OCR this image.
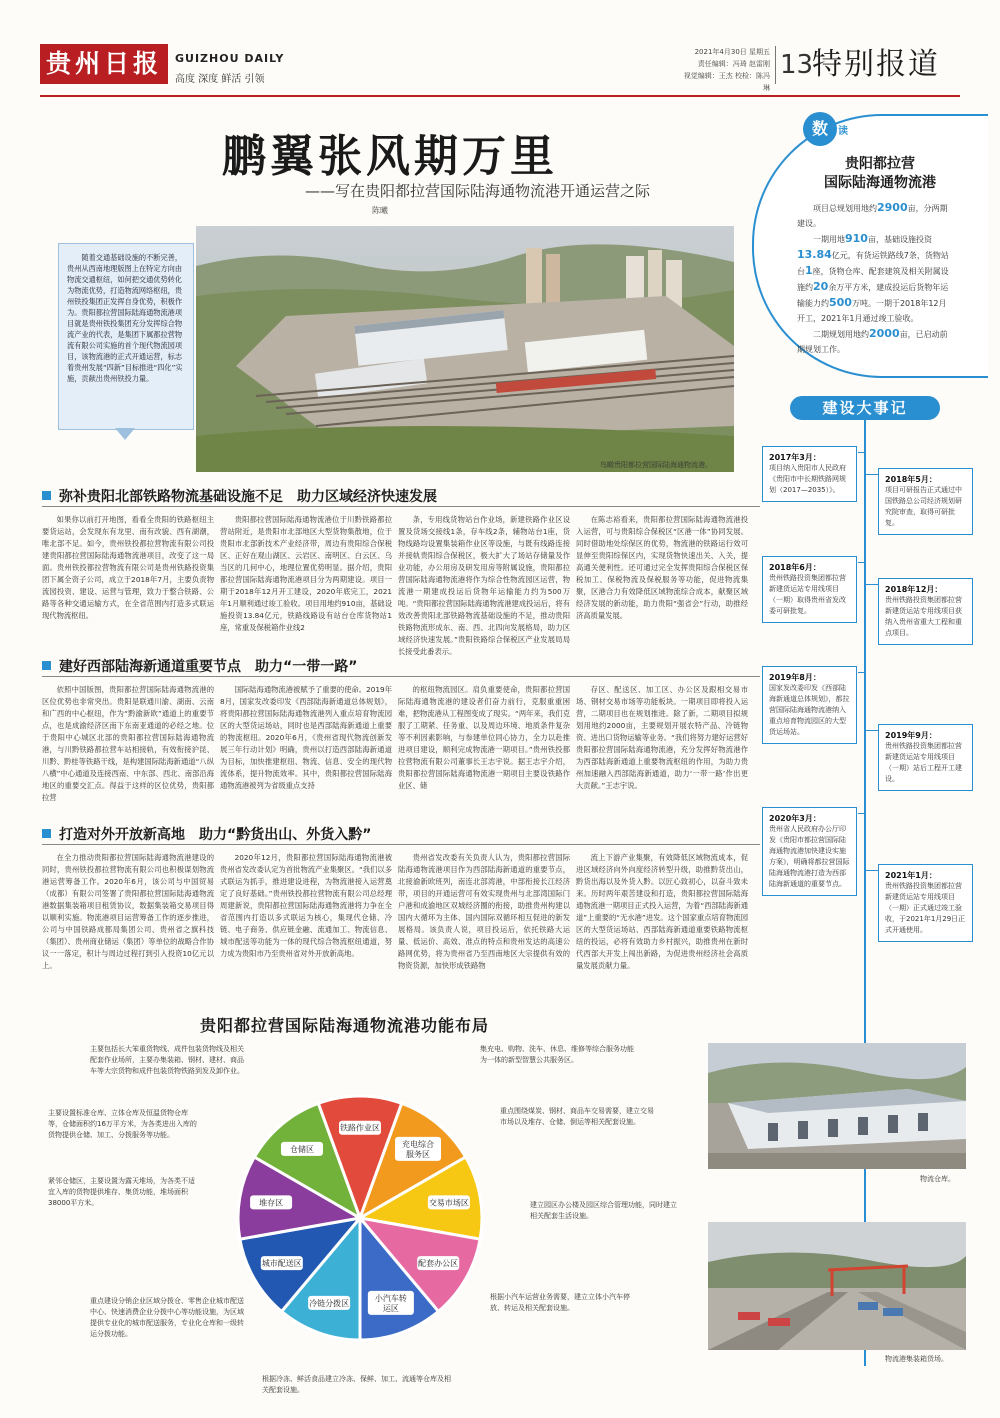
贵州日报	GUIZHOU DAILY
高度 深度 鲜活 引领
2021年4月30日 星期五
责任编辑：冯琦 赵雷刚
视觉编辑：王杰 校检：陈冯琳
13
特别报道
鹏翼张风期万里
——写在贵阳都拉营国际陆海通物流港开通运营之际
陈曦
数	读
贵阳都拉营
国际陆海通物流港

项目总规划用地约2900亩，分两期建设。

一期用地910亩，基础设施投资13.84亿元，有货运铁路线7条，货物站台1座，货物仓库、配套建筑及相关附属设施约20余万平方米，建成投运后货物年运输能力约500万吨。一期于2018年12月开工，2021年1月通过竣工验收。

二期规划用地约2000亩，已启动前期规划工作。

随着交通基础设施的不断完善，贵州从西南地理版图上在特定方向由物流交通枢纽，如何把交通优势转化为物流优势，打造物流网络枢纽，贵州铁投集团正发挥自身优势，积极作为。贵阳都拉营国际陆海通物流港项目就是贵州铁投集团充分发挥综合物流产业的代表，是集团下属都拉营物流有限公司实施的首个现代物流园项目，该物流港的正式开通运营，标志着贵州发展“四新”目标推进“四化”实施，贡献出贵州铁投力量。
鸟瞰贵阳都拉营国际陆海通物流港。
建设大事记
2017年3月：
项目纳入贵阳市人民政府《贵阳市中长期铁路网规划（2017—2035）》。
2018年5月：
项目可研报告正式通过中国铁路总公司经济规划研究院审查，取得可研批复。
2018年6月：
贵州铁路投资集团都拉营新建货运站专用线项目（一期）取得贵州省发改委可研批复。
2018年12月：
贵州铁路投资集团都拉营新建货运站专用线项目获纳入贵州省重大工程和重点项目。
2019年8月：
国家发改委印发《西部陆海新通道总体规划》，都拉营国际陆海通物流港纳入重点培育物流园区的大型货运场站。	2019年9月：
贵州铁路投资集团都拉营新建货运站专用线项目（一期）站后工程开工建设。
2020年3月：
贵州省人民政府办公厅印发《贵阳市都拉营国际陆海通物流港加快建设实施方案》，明确将都拉营国际陆海通物流港打造为西部陆海新通道的重要节点。
2021年1月：
贵州铁路投资集团都拉营新建货运站专用线项目（一期）正式通过竣工验收，于2021年1月29日正式开通使用。
弥补贵阳北部铁路物流基础设施不足　助力区域经济快速发展
如果你以前打开地图，看看全贵阳的铁路枢纽主要货运站，会发现东有龙里、南有改貌、西有湖潮，唯北部不足。如今，贵州铁投都拉营物流有限公司投建贵阳都拉营国际陆海通物流港项目，改变了这一局面。贵州铁投都拉营物流有限公司是贵州铁路投资集团下属全资子公司，成立于2018年7月，主要负责物流园投资、建设、运营与管理，致力于整合铁路、公路等各种交通运输方式，在全省范围内打造多式联运现代物流枢纽。
贵阳都拉营国际陆海通物流港位于川黔铁路都拉营站附近，是贵阳市北部地区大型货物集散地，位于贵阳市北部新技术产业经济带，周边有贵阳综合保税区、正好在观山湖区、云岩区、南明区、白云区、乌当区的几何中心，地理位置优势明显。据介绍，贵阳都拉营国际陆海通物流港项目分为两期建设。项目一期于2018年12月开工建设，2020年底完工，2021年1月顺利通过竣工验收。项目用地约910亩，基础设施投资13.84亿元，铁路线路设有站台仓库货物站1座，常重及保税箱作业线2
条，专用线货物站台作业场，新建铁路作业区设置及货场交接线1条，存车线2条，辅物站台1座，货物线路均设置集装箱作业区等设施，与既有线路连接并接轨贵阳综合保税区，极大扩大了场站存储量及作业功能，办公用房及研发用房等附属设施，贵阳都拉营国际陆海通物流港将作为综合性物流园区运营，物流港一期建成投运后货物年运输能力约为500万吨。“贵阳都拉营国际陆海通物流港建成投运后，将有效改善贵阳北部铁路物流基础设施的不足，推动贵阳铁路物流形成东、南、西、北四向发展格局，助力区域经济快速发展。”贵阳铁路综合保税区产业发展局局长接受此番表示。
在陈志裕看来，贵阳都拉营国际陆海通物流港投入运营，可与贵阳综合保税区“区港一体”协同发展。同时借助地处综保区的优势，物流港的铁路运行效可显伸至贵阳综保区内，实现货物快速出关、入关，提高通关便利性。还可通过完全发挥贵阳综合保税区保税加工、保税物流及保税服务等功能，促进物流集聚，区港合力有效降低区域物流综合成本，献聚区域经济发展的新动能，助力贵阳“强省会”行动，助推经济高质量发展。
建好西部陆海新通道重要节点　助力“一带一路”
依照中国版图，贵阳都拉营国际陆海通物流港的区位优势也非常突出。贵阳是联通川渝、湖南、云南和广西的中心枢纽，作为“黔渝新欧”通道上的重要节点，也是成渝经济区南下东南亚通道的必经之地。位于贵阳中心城区北部的贵阳都拉营国际陆海通物流港，与川黔铁路都拉营车站相接轨，有效衔接沪昆、川黔、黔桂等铁路干线，是构建国际陆海新通道“八纵八横”中心通道及连接西南、中东部、西北、南部沿海地区的重要交汇点。得益于这样的区位优势，贵阳都拉营
国际陆海通物流港被赋予了重要的使命。2019年8月，国家发改委印发《西部陆海新通道总体规划》，将贵阳都拉营国际陆海通物流港列入重点培育物流园区的大型货运场站，同时也是西部陆海新通道上重要的物流枢纽。2020年6月，《贵州省现代物流创新发展三年行动计划》明确，贵州以打造西部陆海新通道为目标，加快推建枢纽、物流、信息、安全的现代物流体系，提升物流效率。其中，贵阳都拉营国际陆海通物流港被列为省级重点支持
的枢纽物流园区。肩负重要使命，贵阳都拉营国际陆海通物流港的建设者们奋力前行，克服重重困难，把物流港从工程图变成了现实。“两年来，我们克服了工期紧、任务重、以及周边环境、地质条件复杂等不利因素影响，与参建单位同心协力，全力以赴推进项目建设，顺利完成物流港一期项目。”贵州铁投都拉营物流有限公司董事长王志宇说。据王志宇介绍，贵阳都拉营国际陆海通物流港一期项目主要设铁路作业区、储
存区、配送区、加工区、办公区及跟相交易市场、钢材交易市场等功能板块。一期项目即将投入运营，二期项目也在规划推进。除了新，二期项目拟规划用地约2000亩，主要规划开展农特产品、冷链物资、进出口货物运输等业务。“我们将努力建好运营好贵阳都拉营国际陆海通物流港，充分发挥好物流港作为西部陆海新通道上重要物流枢纽的作用，为助力贵州加速融入西部陆海新通道，助力‘一带一路’作出更大贡献。”王志宇说。
打造对外开放新高地　助力“黔货出山、外货入黔”
在全力推动贵阳都拉营国际陆海通物流港建设的同时，贵州铁投都拉营物流有限公司也积极谋划物流港运营筹备工作。2020年6月，该公司与中国贸易（成都）有限公司签署了贵阳都拉营国际陆海通物流港数据集装箱项目租赁协议，数据集装箱交易项目得以顺利实施。物流港项目运营筹备工作的逐步推进，公司与中国铁路成都局集团公司、贵州省之旗科技（集团）、贵州商业储运（集团）等单位的战略合作协议一一落定，积计与周边过程打到引入投资10亿元以上。
2020年12月，贵阳都拉营国际陆海通物流港被贵州省发改委认定为首批物流产业集聚区。“我们以多式联运为抓手，推进建设进程，为物流港接入运营奠定了良好基础。”贵州铁投都拉营物流有限公司总经理周建新说，贵阳都拉营国际陆海通物流港将力争在全省范围内打造以多式联运为核心，集现代仓储、冷链、电子商务、供应链金融、流通加工、物流信息、城市配送等功能为一体的现代综合物流枢纽通道，努力成为贵阳市乃至贵州省对外开放新高地。
贵州省发改委有关负责人认为，贵阳都拉营国际陆海通物流港项目作为西部陆海新通道的重要节点，北接渝新欧班列，南连北部湾港，中部衔接长江经济带，项目的开通运营可有效实现贵州与北部湾国际门户港和成渝地区双城经济圈的衔接，助推贵州构建以国内大循环为主体、国内国际双循环相互促进的新发展格局。该负责人说，项目投运后，依托铁路大运量、低运价、高效、准点的特点和贵州发达的高速公路网优势，将为贵州省乃至西南地区大宗提供有效的物资货源，加快形成铁路物
流上下游产业集聚，有效降低区域物流成本，促进区域经济向外向度经济转型升级，助推黔货出山，黔货出海以及外货入黔。以匠心致初心，以奋斗致未来。历时两年艰苦建设和打造，贵阳都拉营国际陆海通物流港一期项目正式投入运营，为着“西部陆海新通道”上重要的“无水港”进发。这个国家重点培育物流园区的大型货运场站、西部陆海新通道重要铁路物流枢纽的投运，必将有效助力乡村振兴，助推贵州在新时代西部大开发上闯出新路，为促进贵州经济社会高质量发展贡献力量。
贵阳都拉营国际陆海通物流港功能布局
铁路作业区
充电综合服务区
交易市场区
配套办公区
小汽车转运区
冷链分拨区
城市配送区
堆存区
仓储区
主要包括长大笨重货物线、成件包装货物线及相关配套作业场所，主要办集装箱、钢材、建材、商品车等大宗货物和成件包装货物铁路到发及卸作业。
集充电、购物、洗车、休息、维修等综合服务功能为一体的新型智慧公共服务区。
主要设置标准仓库、立体仓库及恒温货物仓库等，仓储面积约16万平方米，为各类进出入库的货物提供仓储、加工、分拨服务等功能。
重点围绕煤炭、钢材、商品车交易需要，建立交易市场以及堆存、仓储、倒运等相关配套设施。
紧邻仓储区，主要设置为露天堆场，为各类不适宜入库的货物提供堆存、集货功能，堆场面积38000平方米。	建立园区办公楼及园区综合管理功能，同时建立相关配套生活设施。
重点建设分销企业区域分拨仓、零售企业城市配送中心、快速消费企业分拨中心等功能设施，为区域提供专业化的城市配送服务，专业化仓库和一级转运分拨功能。
根据小汽车运营业务需要，建立立体小汽车停放、转运及相关配套设施。
根据冷冻、鲜活食品建立冷冻、保鲜、加工、流通等仓库及相关配套设施。
物流仓库。
物流港集装箱货场。
